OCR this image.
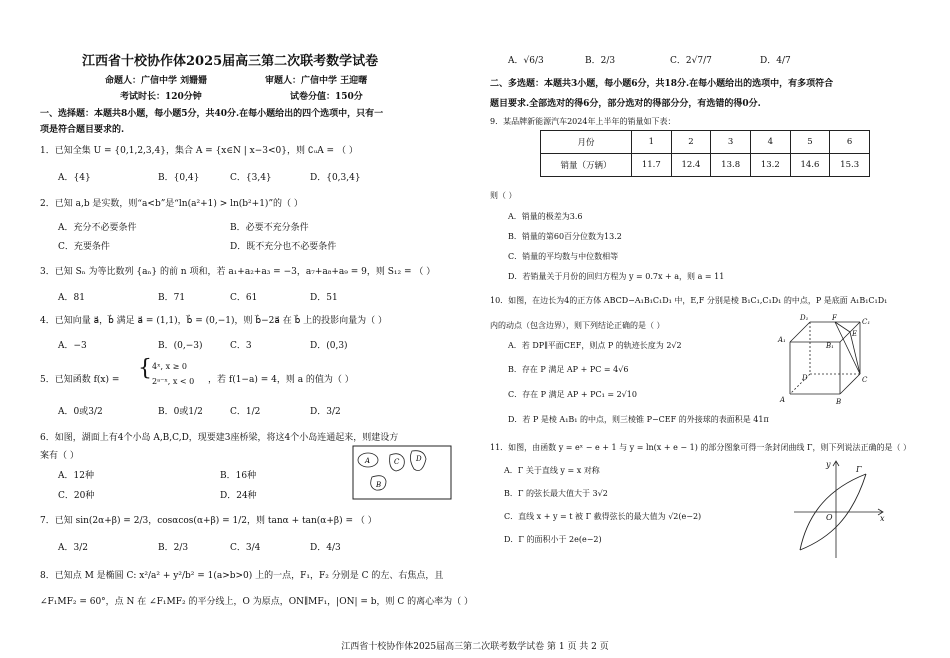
江西省十校协作体2025届高三第二次联考数学试卷
命题人：广信中学 刘姗姗	审题人：广信中学 王迎曙
考试时长：120分钟	试卷分值：150分
一、选择题：本题共8小题，每小题5分，共40分.在每小题给出的四个选项中，只有一
项是符合题目要求的.
1．已知全集 U = {0,1,2,3,4}，集合 A = {x∈N | x−3<0}，则 ∁ᵤA = （ ）
A．{4}	B．{0,4}	C．{3,4}	D．{0,3,4}
2．已知 a,b 是实数，则“a<b”是“ln(a²+1) > ln(b²+1)”的（ ）
A．充分不必要条件	B．必要不充分条件
C．充要条件	D．既不充分也不必要条件
3．已知 Sₙ 为等比数列 {aₙ} 的前 n 项和，若 a₁+a₂+a₃ = −3，a₇+a₈+a₉ = 9，则 S₁₂ = （ ）
A．81	B．71	C．61	D．51
4．已知向量 a⃗，b⃗ 满足 a⃗ = (1,1)，b⃗ = (0,−1)，则 b⃗−2a⃗ 在 b⃗ 上的投影向量为（ ）
A．−3	B．(0,−3)	C．3	D．(0,3)
5．已知函数 f(x) = { 4ˣ, x ≥ 0
2ᵃ⁻ˣ, x < 0 ，若 f(1−a) = 4，则 a 的值为（ ）
A．0或3/2	B．0或1/2	C．1/2	D．3/2
6．如图，湖面上有4个小岛 A,B,C,D，现要建3座桥梁，将这4个小岛连通起来，则建设方
案有（ ）
A．12种	B．16种
C．20种	D．24种
A
B
C D
7．已知 sin(2α+β) = 2/3，cosαcos(α+β) = 1/2，则 tanα + tan(α+β) = （ ）
A．3/2	B．2/3	C．3/4	D．4/3
8．已知点 M 是椭圆 C: x²/a² + y²/b² = 1(a>b>0) 上的一点，F₁，F₂ 分别是 C 的左、右焦点，且
∠F₁MF₂ = 60°，点 N 在 ∠F₁MF₂ 的平分线上，O 为原点，ON∥MF₁，|ON| = b，则 C 的离心率为（ ）
A．√6/3	B．2/3	C．2√7/7	D．4/7
二、多选题：本题共3小题，每小题6分，共18分.在每小题给出的选项中，有多项符合
题目要求.全部选对的得6分，部分选对的得部分分，有选错的得0分.
9．某品牌新能源汽车2024年上半年的销量如下表：
月份	1	2	3	4	5	6
销量（万辆）	11.7	12.4	13.8	13.2	14.6	15.3
则（ ）
A．销量的极差为3.6
B．销量的第60百分位数为13.2
C．销量的平均数与中位数相等
D．若销量关于月份的回归方程为 y = 0.7x + a，则 a = 11
10．如图，在边长为4的正方体 ABCD−A₁B₁C₁D₁ 中，E,F 分别是棱 B₁C₁,C₁D₁ 的中点，P 是底面 A₁B₁C₁D₁
内的动点（包含边界），则下列结论正确的是（ ）
A．若 DP∥平面CEF，则点 P 的轨迹长度为 2√2
B．存在 P 满足 AP + PC = 4√6
C．存在 P 满足 AP + PC₁ = 2√10
D．若 P 是棱 A₁B₁ 的中点，则三棱锥 P−CEF 的外接球的表面积是 41π
D₁	F	C₁
A₁
B₁
E
D	C
A	B
11．如图，由函数 y = eˣ − e + 1 与 y = ln(x + e − 1) 的部分图象可得一条封闭曲线 Γ，则下列说法正确的是（ ）
A．Γ 关于直线 y = x 对称
B．Γ 的弦长最大值大于 3√2
C．直线 x + y = t 被 Γ 截得弦长的最大值为 √2(e−2)
D．Γ 的面积小于 2e(e−2)
y
Γ
O	x
江西省十校协作体2025届高三第二次联考数学试卷 第 1 页 共 2 页
